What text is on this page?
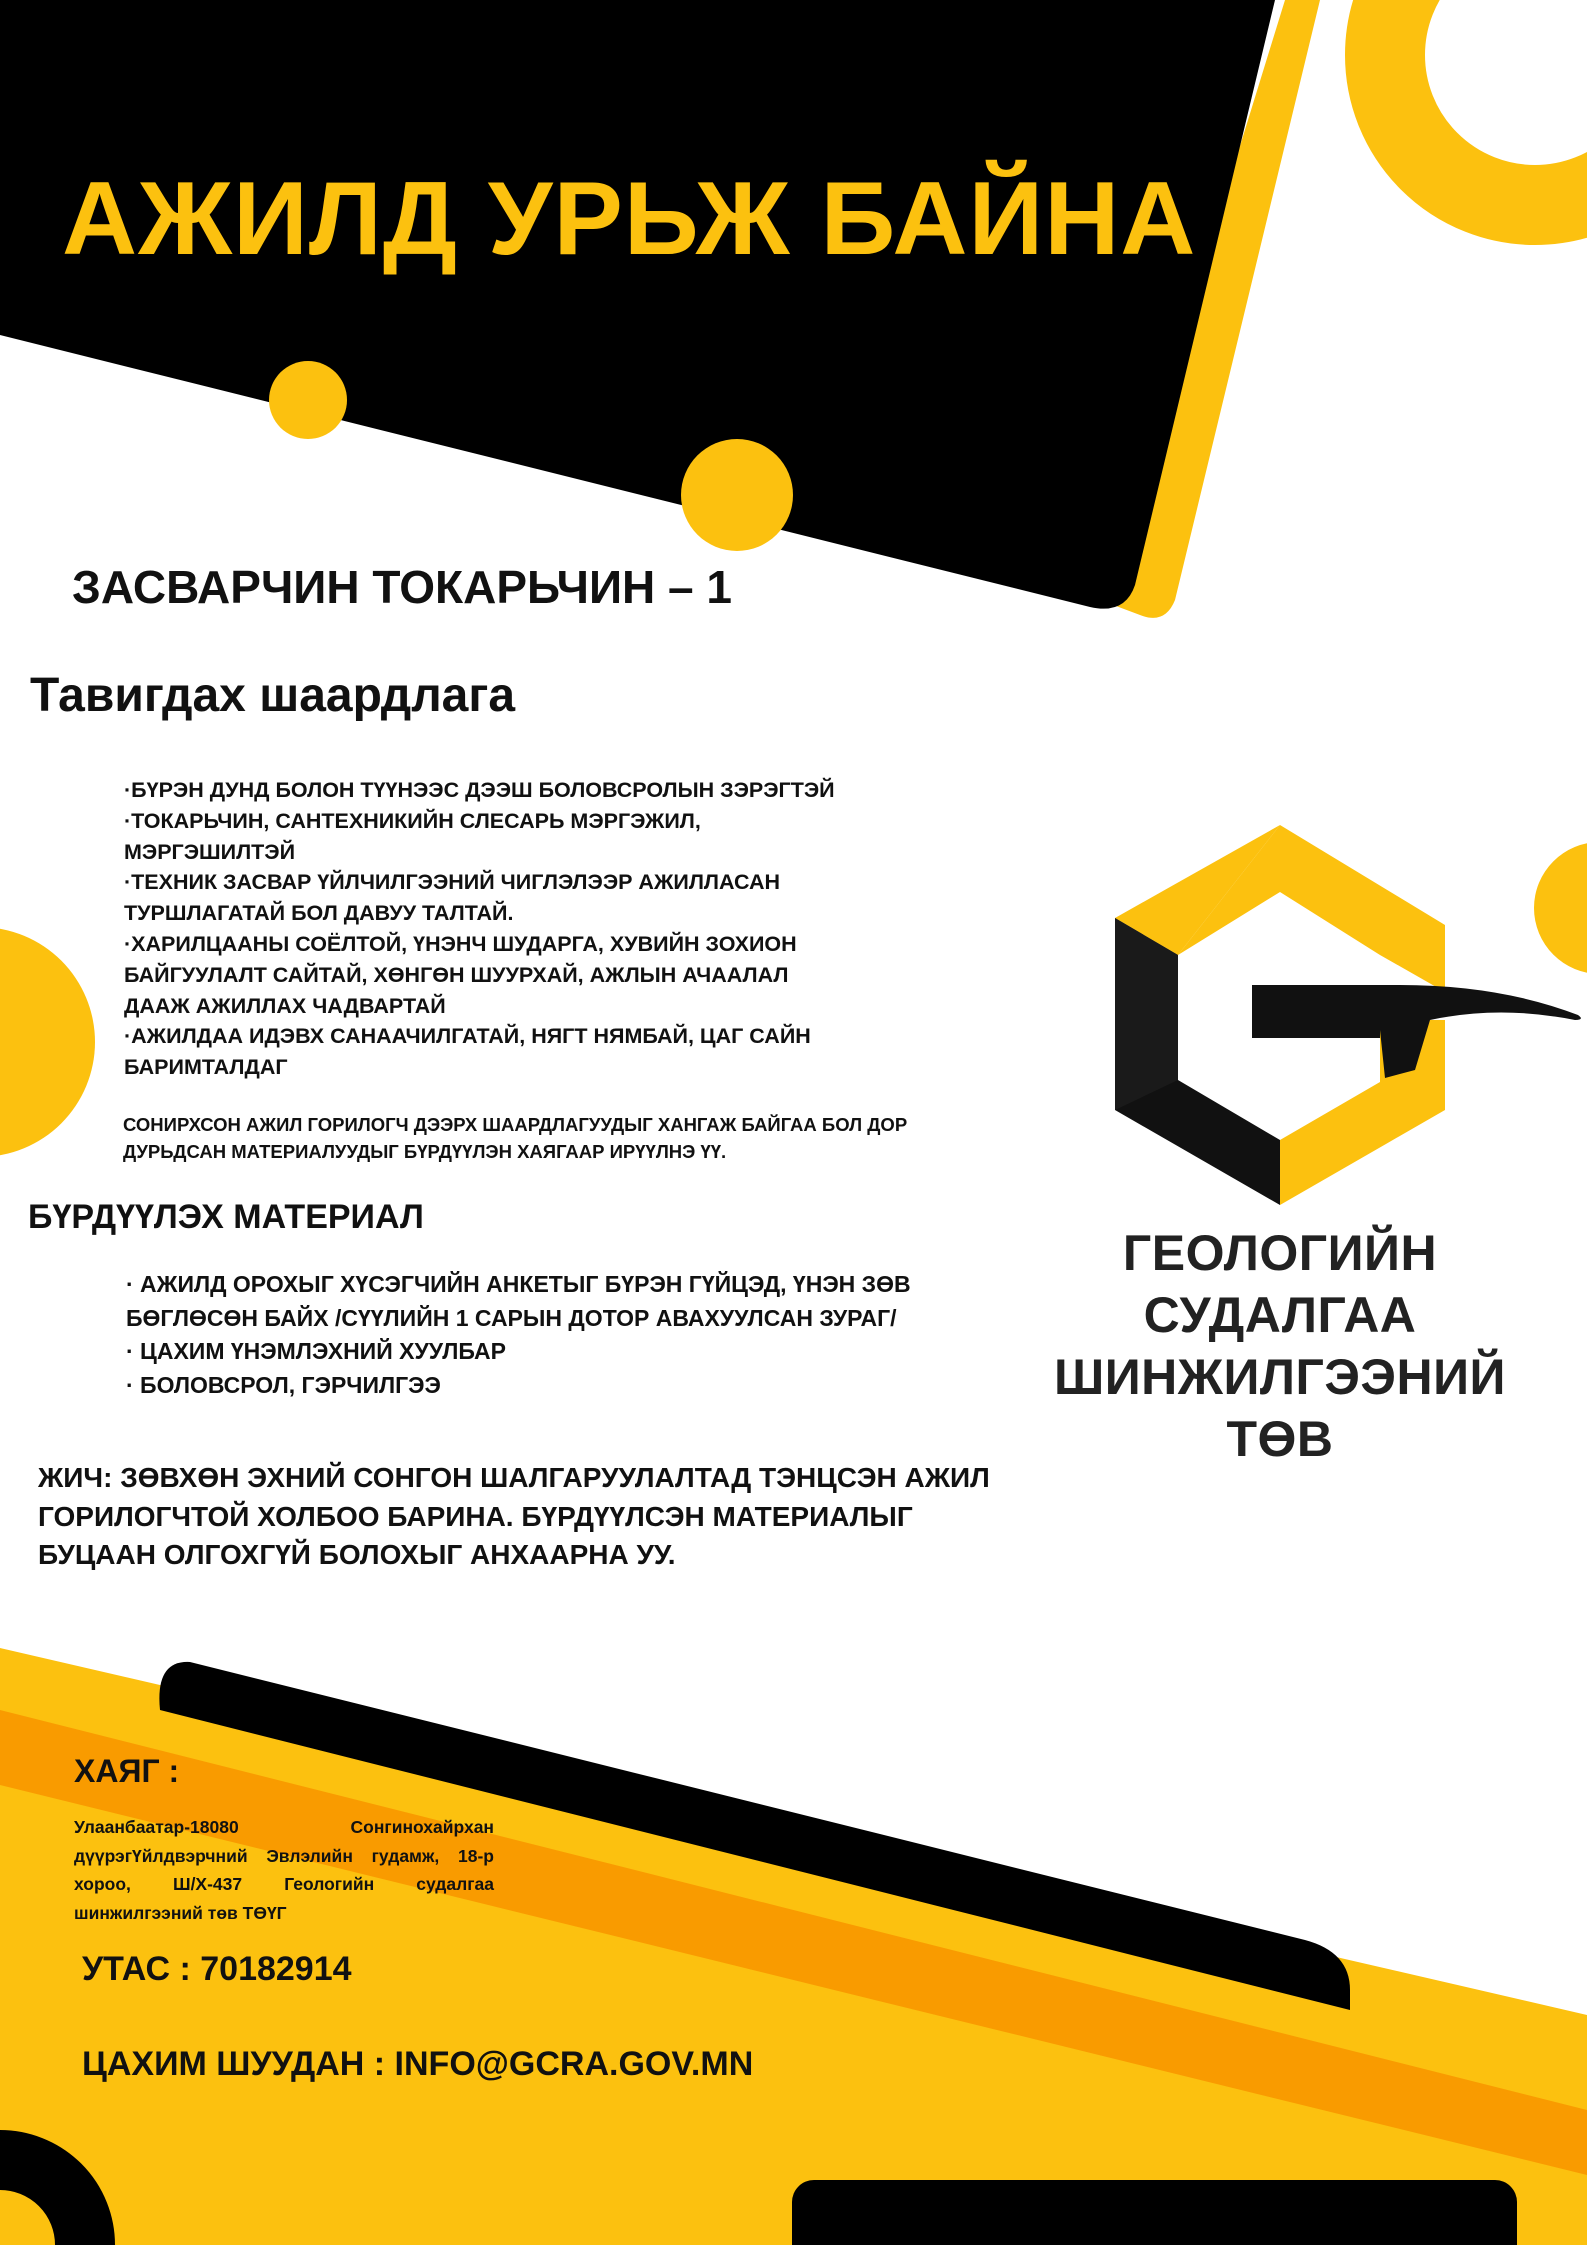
АЖИЛД УРЬЖ БАЙНА

ЗАСВАРЧИН ТОКАРЬЧИН – 1

Тавигдах шаардлага

·БҮРЭН ДУНД БОЛОН ТҮҮНЭЭС ДЭЭШ БОЛОВСРОЛЫН ЗЭРЭГТЭЙ
·ТОКАРЬЧИН, САНТЕХНИКИЙН СЛЕСАРЬ МЭРГЭЖИЛ, МЭРГЭШИЛТЭЙ
·ТЕХНИК ЗАСВАР ҮЙЛЧИЛГЭЭНИЙ ЧИГЛЭЛЭЭР АЖИЛЛАСАН ТУРШЛАГАТАЙ БОЛ ДАВУУ ТАЛТАЙ.
·ХАРИЛЦААНЫ СОЁЛТОЙ, ҮНЭНЧ ШУДАРГА, ХУВИЙН ЗОХИОН БАЙГУУЛАЛТ САЙТАЙ, ХӨНГӨН ШУУРХАЙ, АЖЛЫН АЧААЛАЛ ДААЖ АЖИЛЛАХ ЧАДВАРТАЙ
·АЖИЛДАА ИДЭВХ САНААЧИЛГАТАЙ, НЯГТ НЯМБАЙ, ЦАГ САЙН БАРИМТАЛДАГ

СОНИРХСОН АЖИЛ ГОРИЛОГЧ ДЭЭРХ ШААРДЛАГУУДЫГ ХАНГАЖ БАЙГАА БОЛ ДОР ДУРЬДСАН МАТЕРИАЛУУДЫГ БҮРДҮҮЛЭН ХАЯГААР ИРҮҮЛНЭ ҮҮ.

БҮРДҮҮЛЭХ МАТЕРИАЛ

· АЖИЛД ОРОХЫГ ХҮСЭГЧИЙН АНКЕТЫГ БҮРЭН ГҮЙЦЭД, ҮНЭН ЗӨВ БӨГЛӨСӨН БАЙХ /СҮҮЛИЙН 1 САРЫН ДОТОР АВАХУУЛСАН ЗУРАГ/
· ЦАХИМ ҮНЭМЛЭХНИЙ ХУУЛБАР
· БОЛОВСРОЛ, ГЭРЧИЛГЭЭ

ЖИЧ: ЗӨВХӨН ЭХНИЙ СОНГОН ШАЛГАРУУЛАЛТАД ТЭНЦСЭН АЖИЛ ГОРИЛОГЧТОЙ ХОЛБОО БАРИНА. БҮРДҮҮЛСЭН МАТЕРИАЛЫГ БУЦААН ОЛГОХГҮЙ БОЛОХЫГ АНХААРНА УУ.

ГЕОЛОГИЙН СУДАЛГАА
ШИНЖИЛГЭЭНИЙ ТӨВ

ХАЯГ :

Улаанбаатар-18080 Сонгинохайрхан дүүрэгҮйлдвэрчний Эвлэлийн гудамж, 18-р хороо, Ш/Х-437 Геологийн судалгаа шинжилгээний төв ТӨҮГ

УТАС : 70182914

ЦАХИМ ШУУДАН : INFO@GCRA.GOV.MN
